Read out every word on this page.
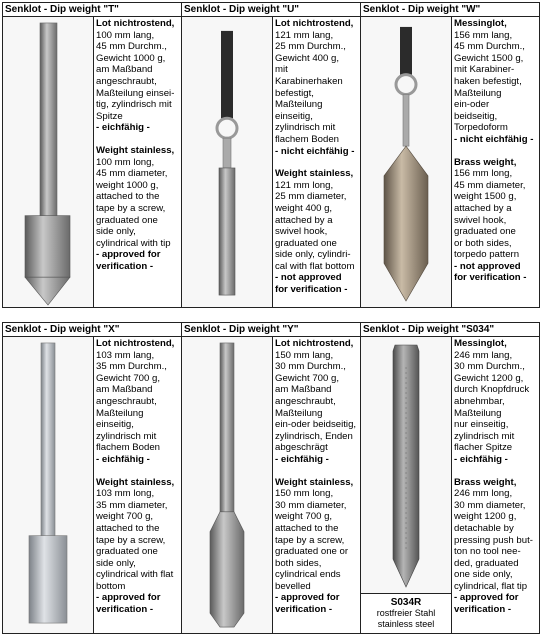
Senklot - Dip weight "T"

Lot nichtrostend,

100 mm lang,

45 mm Durchm.,

Gewicht 1000 g,

am Maßband

angeschraubt,

Maßteilung einsei-

tig, zylindrisch mit

Spitze

- eichfähig -

Weight stainless,

100 mm long,

45 mm diameter,

weight 1000 g,

attached to the

tape by a screw,

graduated one

side only,

cylindrical with tip

- approved for

verification -

Senklot - Dip weight "U"

Lot nichtrostend,

121 mm lang,

25 mm Durchm.,

Gewicht 400 g,

mit

Karabinerhaken

befestigt,

Maßteilung

einseitig,

zylindrisch mit

flachem Boden

- nicht eichfähig -

Weight stainless,

121 mm long,

25 mm diameter,

weight 400 g,

attached by a

swivel hook,

graduated one

side only, cylindri-

cal with flat bottom

- not approved

for verification -

Senklot - Dip weight "W"

Messinglot,

156 mm lang,

45 mm Durchm.,

Gewicht 1500 g,

mit Karabiner-

haken befestigt,

Maßteilung

ein-oder

beidseitig,

Torpedoform

- nicht eichfähig -

Brass weight,

156 mm long,

45 mm diameter,

weight 1500 g,

attached by a

swivel hook,

graduated one

or both sides,

torpedo pattern

- not approved

for verification -

Senklot - Dip weight "X"

Lot nichtrostend,

103 mm lang,

35 mm Durchm.,

Gewicht 700 g,

am Maßband

angeschraubt,

Maßteilung

einseitig,

zylindrisch mit

flachem Boden

- eichfähig -

Weight stainless,

103 mm long,

35 mm diameter,

weight 700 g,

attached to the

tape by a screw,

graduated one

side only,

cylindrical with flat

bottom

- approved for

verification -

Senklot - Dip weight "Y"

Lot nichtrostend,

150 mm lang,

30 mm Durchm.,

Gewicht 700 g,

am Maßband

angeschraubt,

Maßteilung

ein-oder beidseitig,

zylindrisch, Enden

abgeschrägt

- eichfähig -

Weight stainless,

150 mm long,

30 mm diameter,

weight 700 g,

attached to the

tape by a screw,

graduated one or

both sides,

cylindrical ends

bevelled

- approved for

verification -

Senklot - Dip weight "S034"
S034R
rostfreier Stahl
stainless steel

Messinglot,

246 mm lang,

30 mm Durchm.,

Gewicht 1200 g,

durch Knopfdruck

abnehmbar,

Maßteilung

nur einseitig,

zylindrisch mit

flacher Spitze

- eichfähig -

Brass weight,

246 mm long,

30 mm diameter,

weight 1200 g,

detachable by

pressing push but-

ton no tool nee-

ded, graduated

one side only,

cylindrical, flat tip

- approved for

verification -
